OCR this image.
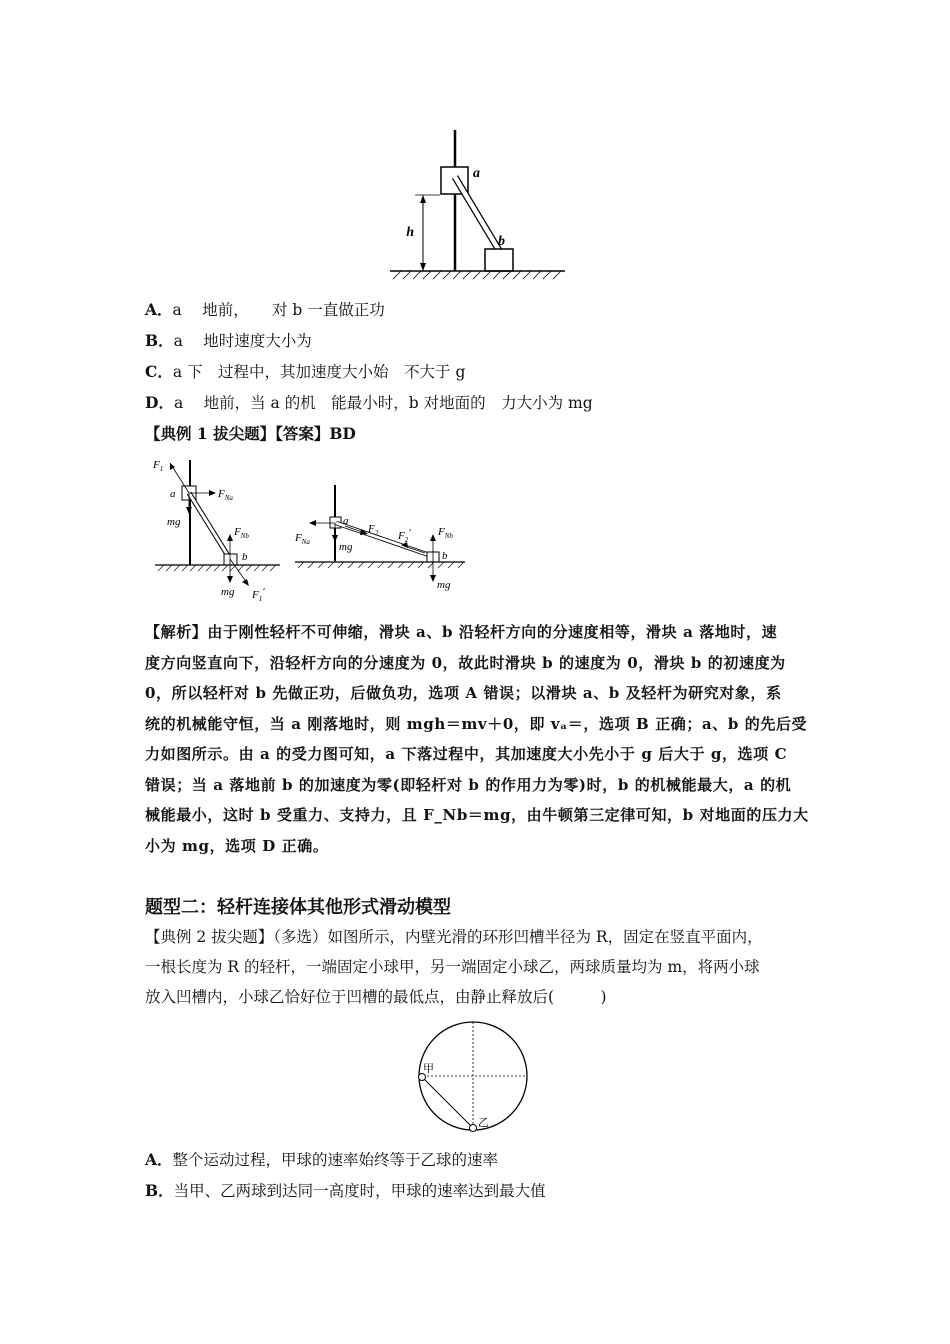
a
b
h
A．a　 地前，　　对 b 一直做正功
B．a　 地时速度大小为
C．a 下　过程中，其加速度大小始　不大于 g
D．a　 地前，当 a 的机　能最小时，b 对地面的　力大小为 mg
【典例 1 拔尖题】【答案】BD
$F_1$
a	$F_{Na}$
mg
$F_{Nb}$
b
mg $F_1'$
a
$F_{Na}$	mg
$F_2$ $F_2'$ $F_{Nb}$
b
mg
【解析】由于刚性轻杆不可伸缩，滑块 a、b 沿轻杆方向的分速度相等，滑块 a 落地时，速
度方向竖直向下，沿轻杆方向的分速度为 0，故此时滑块 b 的速度为 0，滑块 b 的初速度为
0，所以轻杆对 b 先做正功，后做负功，选项 A 错误；以滑块 a、b 及轻杆为研究对象，系
统的机械能守恒，当 a 刚落地时，则 mgh＝mv＋0，即 vₐ＝，选项 B 正确；a、b 的先后受
力如图所示。由 a 的受力图可知，a 下落过程中，其加速度大小先小于 g 后大于 g，选项 C
错误；当 a 落地前 b 的加速度为零(即轻杆对 b 的作用力为零)时，b 的机械能最大，a 的机
械能最小，这时 b 受重力、支持力，且 F_Nb＝mg，由牛顿第三定律可知，b 对地面的压力大
小为 mg，选项 D 正确。
题型二：轻杆连接体其他形式滑动模型
【典例 2 拔尖题】（多选）如图所示，内壁光滑的环形凹槽半径为 R，固定在竖直平面内，
一根长度为 R 的轻杆，一端固定小球甲，另一端固定小球乙，两球质量均为 m，将两小球
放入凹槽内，小球乙恰好位于凹槽的最低点，由静止释放后(　　　)
甲
乙
A．整个运动过程，甲球的速率始终等于乙球的速率
B．当甲、乙两球到达同一高度时，甲球的速率达到最大值
